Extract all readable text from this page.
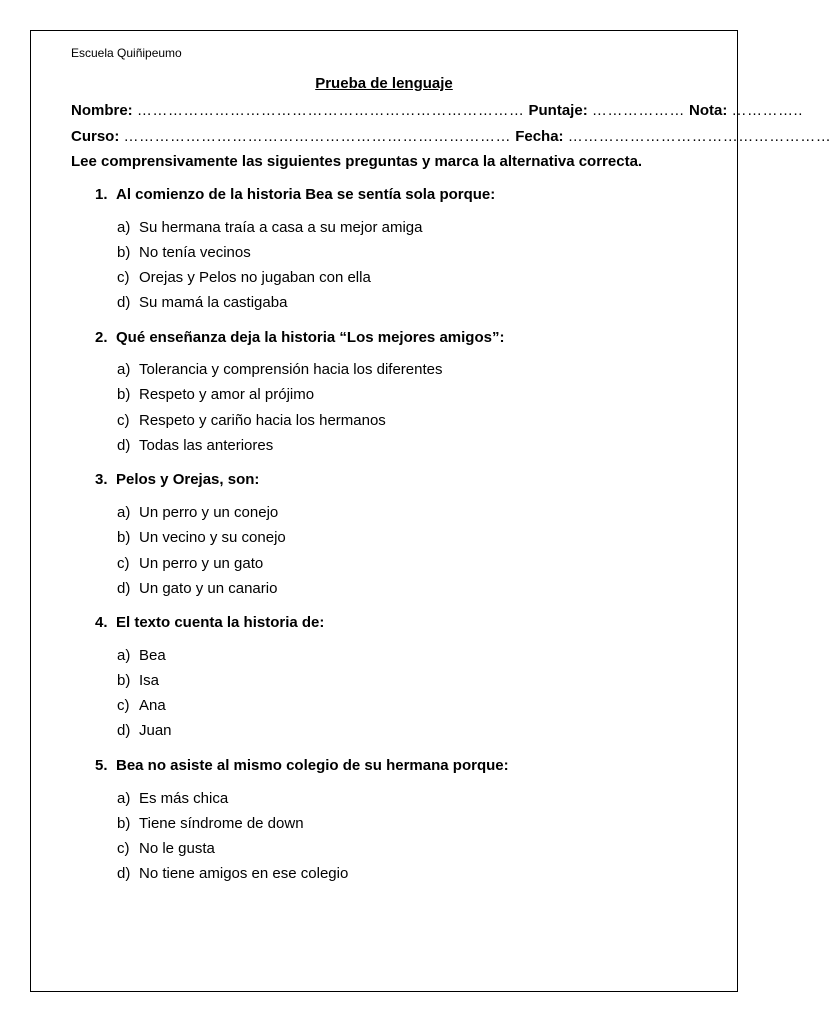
Escuela Quiñipeumo
Prueba de lenguaje
Nombre: ………………………………………………………………… Puntaje: ……………… Nota: …………..
Curso: ………………………………………………………………… Fecha: ……………………………………………
Lee comprensivamente las siguientes preguntas y marca la alternativa correcta.
1. Al comienzo de la historia Bea se sentía sola porque:
a) Su hermana traía a casa a su mejor amiga
b) No tenía vecinos
c) Orejas y Pelos no jugaban con ella
d) Su mamá la castigaba
2. Qué enseñanza deja la historia “Los mejores amigos”:
a) Tolerancia y comprensión hacia los diferentes
b) Respeto y amor al prójimo
c) Respeto y cariño hacia los hermanos
d) Todas las anteriores
3. Pelos y Orejas, son:
a) Un perro y un conejo
b) Un vecino y su conejo
c) Un perro y un gato
d) Un gato y un canario
4. El texto cuenta la historia de:
a) Bea
b) Isa
c) Ana
d) Juan
5. Bea no asiste al mismo colegio de su hermana porque:
a) Es más chica
b) Tiene síndrome de down
c) No le gusta
d) No tiene amigos en ese colegio
